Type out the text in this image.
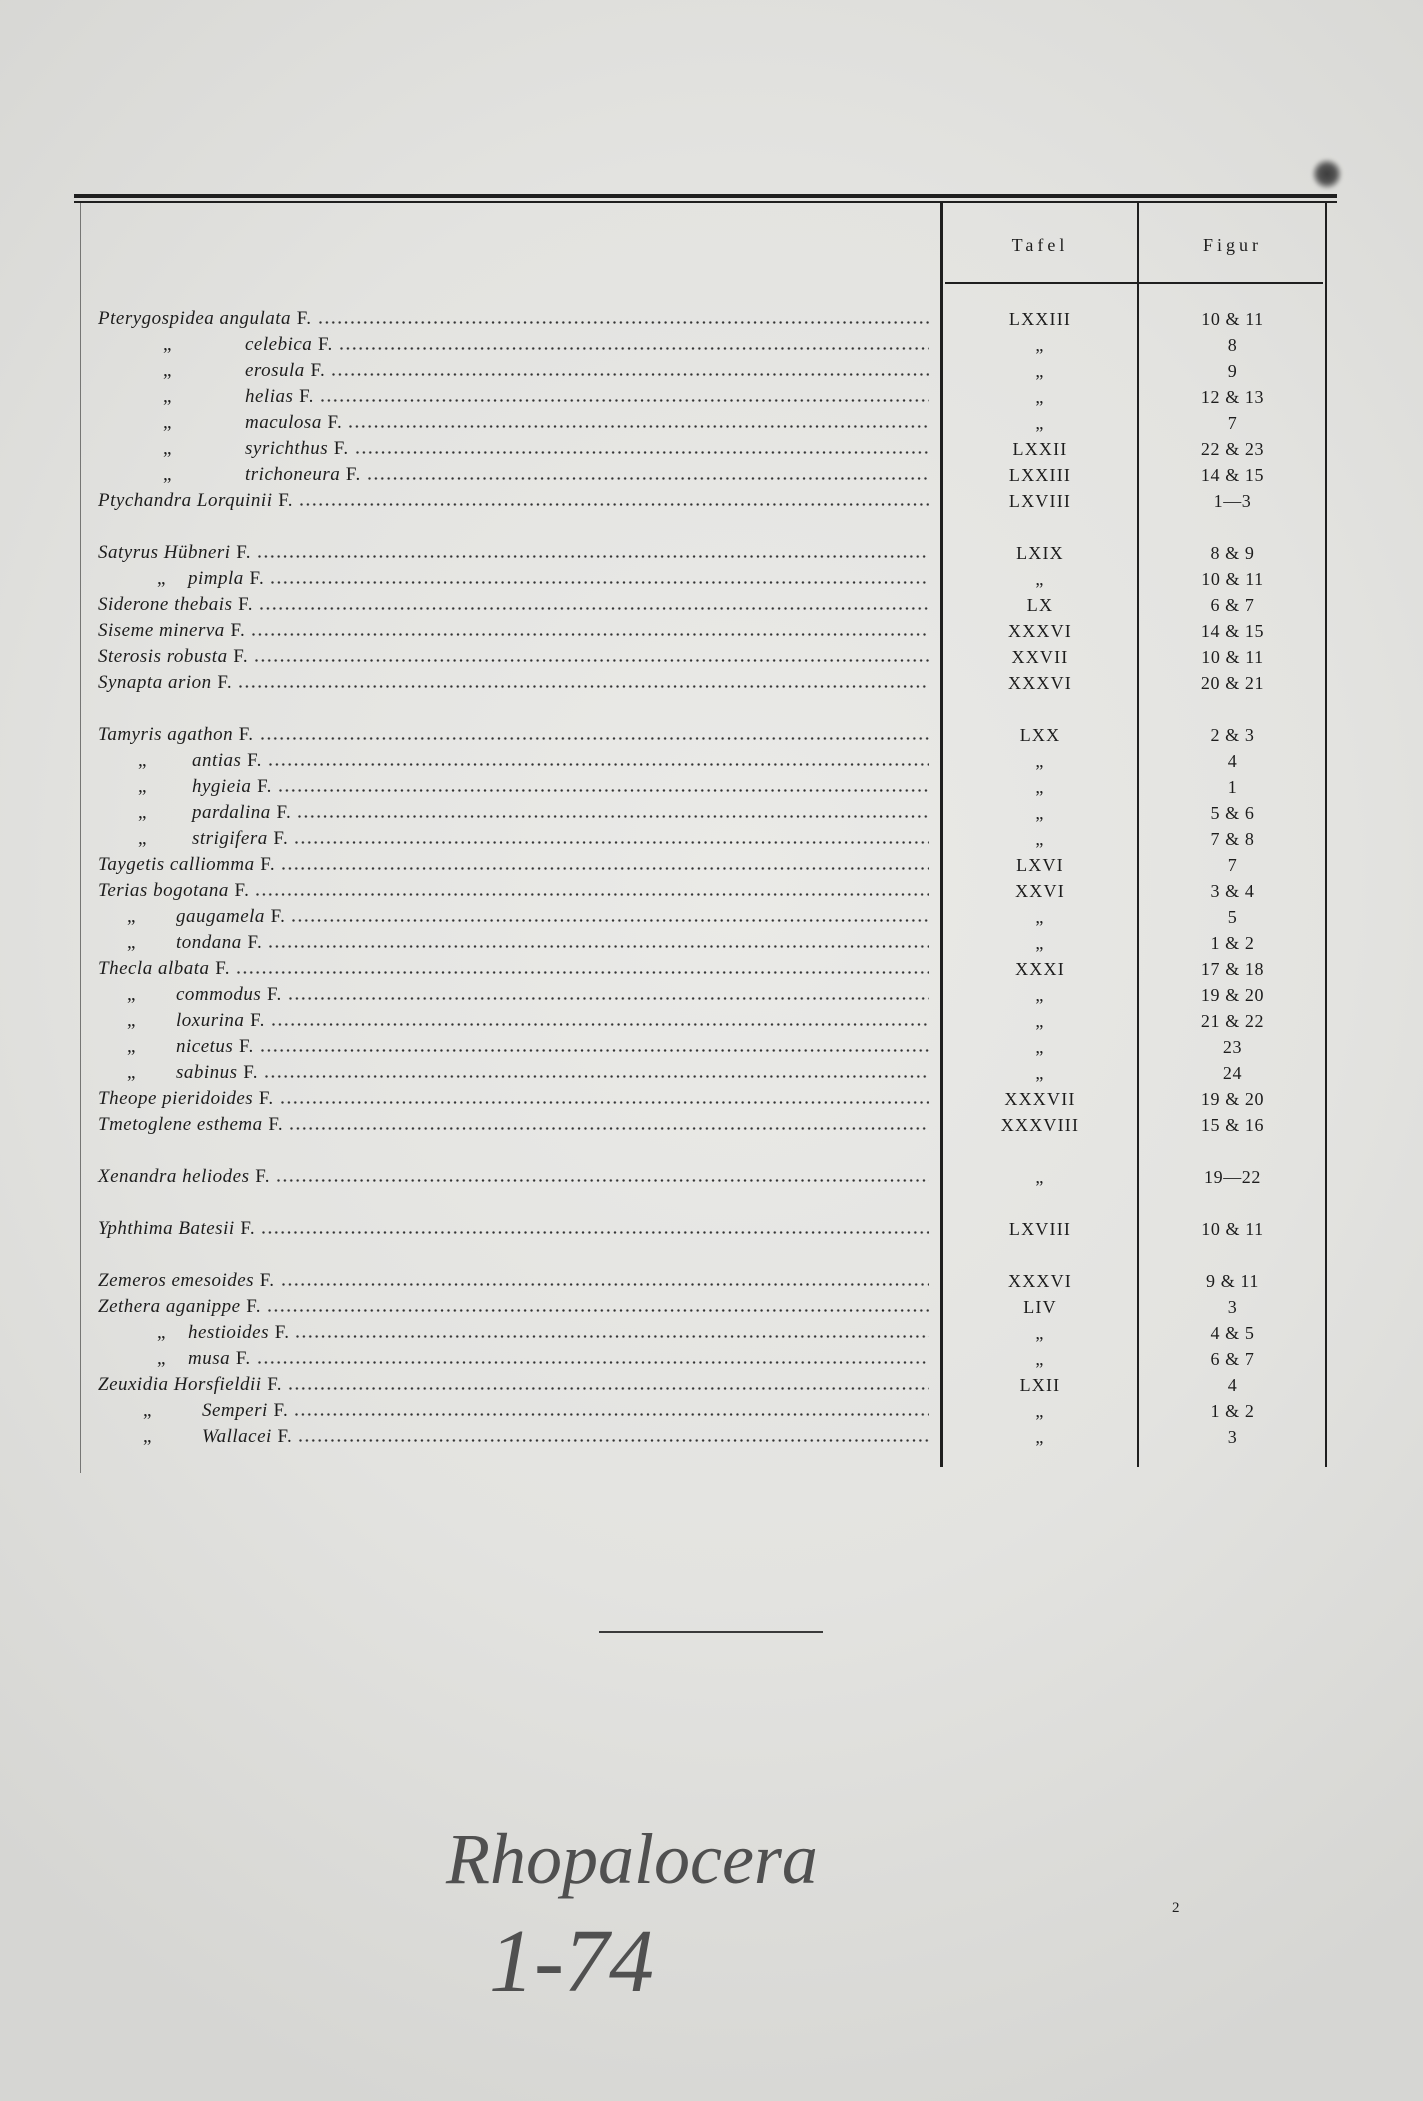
Tafel	Figur
Pterygospidea angulata F.	LXXIII	10 & 11
„	celebica F.	„	8
„	erosula F.	„	9
„	helias F.	„	12 & 13
„	maculosa F.	„	7
„	syrichthus F.	LXXII	22 & 23
„	trichoneura F.	LXXIII	14 & 15
Ptychandra Lorquinii F.	LXVIII	1—3
Satyrus Hübneri F.	LXIX	8 & 9
„ pimpla F.	„	10 & 11
Siderone thebais F.	LX	6 & 7
Siseme minerva F.	XXXVI	14 & 15
Sterosis robusta F.	XXVII	10 & 11
Synapta arion F.	XXXVI	20 & 21
Tamyris agathon F.	LXX	2 & 3
„ antias F.	„	4
„ hygieia F.	„	1
„ pardalina F.	„	5 & 6
„ strigifera F.	„	7 & 8
Taygetis calliomma F.	LXVI	7
Terias bogotana F.	XXVI	3 & 4
„ gaugamela F.	„	5
„ tondana F.	„	1 & 2
Thecla albata F.	XXXI	17 & 18
„ commodus F.	„	19 & 20
„ loxurina F.	„	21 & 22
„ nicetus F.	„	23
„ sabinus F.	„	24
Theope pieridoides F.	XXXVII	19 & 20
Tmetoglene esthema F.	XXXVIII	15 & 16
Xenandra heliodes F.	„	19—22
Yphthima Batesii F.	LXVIII	10 & 11
Zemeros emesoides F.	XXXVI	9 & 11
Zethera aganippe F.	LIV	3
„ hestioides F.	„	4 & 5
„ musa F.	„	6 & 7
Zeuxidia Horsfieldii F.	LXII	4
„	Semperi F.	„	1 & 2
„	Wallacei F.	„	3
Rhopalocera
1-74
2
